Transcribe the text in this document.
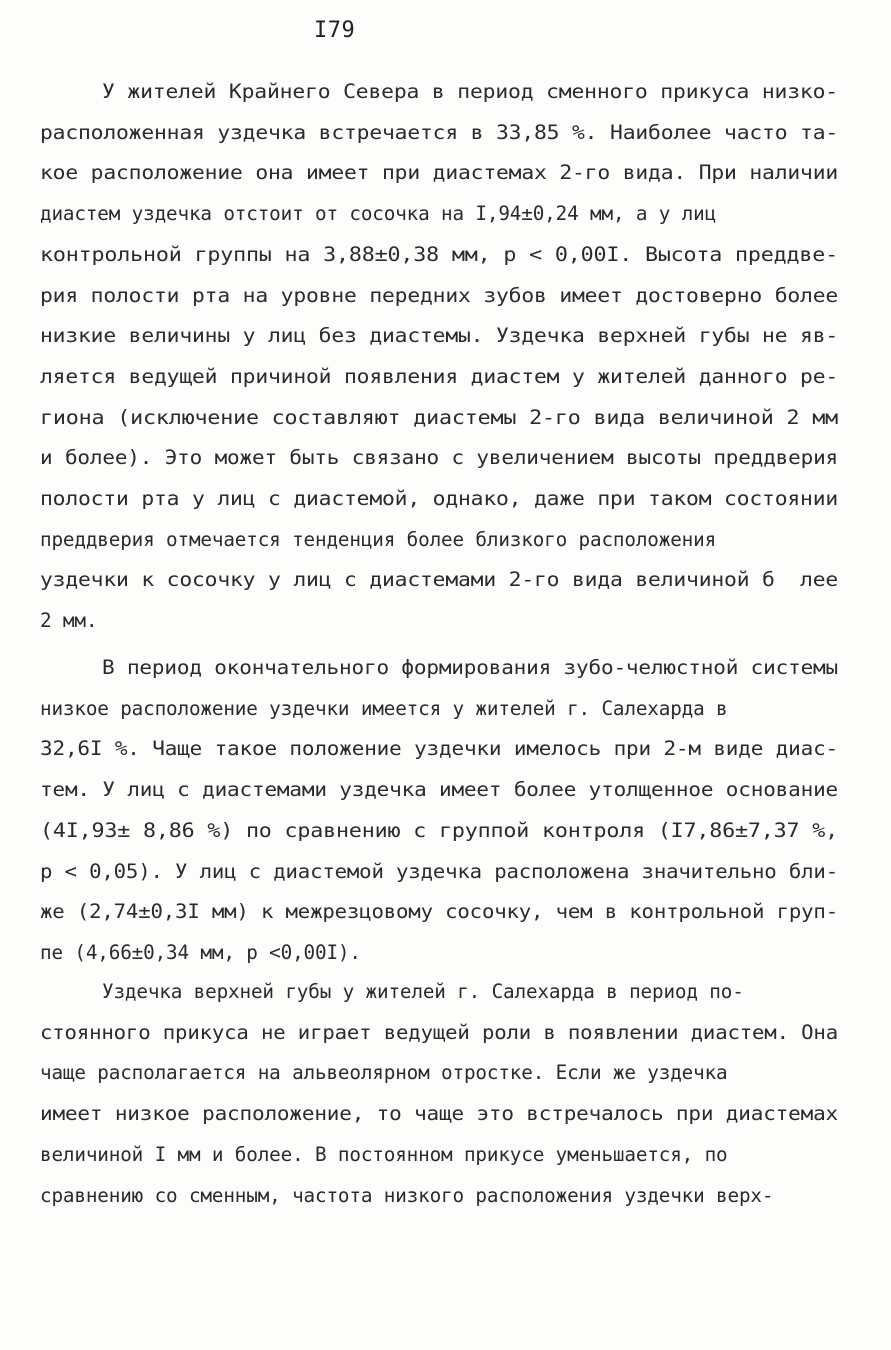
I79
У жителей Крайнего Севера в период сменного прикуса низко-
расположенная уздечка встречается в 33,85 %. Наиболее часто та-
кое расположение она имеет при диастемах 2-го вида. При наличии
диастем уздечка отстоит от сосочка на I,94±0,24 мм, а у лиц
контрольной группы на 3,88±0,38 мм, р < 0,00I. Высота преддве-
рия полости рта на уровне передних зубов имеет достоверно более
низкие величины у лиц без диастемы. Уздечка верхней губы не яв-
ляется ведущей причиной появления диастем у жителей данного ре-
гиона (исключение составляют диастемы 2-го вида величиной 2 мм
и более). Это может быть связано с увеличением высоты преддверия
полости рта у лиц с диастемой, однако, даже при таком состоянии
преддверия отмечается тенденция более близкого расположения
уздечки к сосочку у лиц с диастемами 2-го вида величиной б  лее
2 мм.
В период окончательного формирования зубо-челюстной системы
низкое расположение уздечки имеется у жителей г. Салехарда в
32,6I %. Чаще такое положение уздечки имелось при 2-м виде диас-
тем. У лиц с диастемами уздечка имеет более утолщенное основание
(4I,93± 8,86 %) по сравнению с группой контроля (I7,86±7,37 %,
р < 0,05). У лиц с диастемой уздечка расположена значительно бли-
же (2,74±0,3I мм) к межрезцовому сосочку, чем в контрольной груп-
пе (4,66±0,34 мм, р <0,00I).
Уздечка верхней губы у жителей г. Салехарда в период по-
стоянного прикуса не играет ведущей роли в появлении диастем. Она
чаще располагается на альвеолярном отростке. Если же уздечка
имеет низкое расположение, то чаще это встречалось при диастемах
величиной I мм и более. В постоянном прикусе уменьшается, по
сравнению со сменным, частота низкого расположения уздечки верх-
